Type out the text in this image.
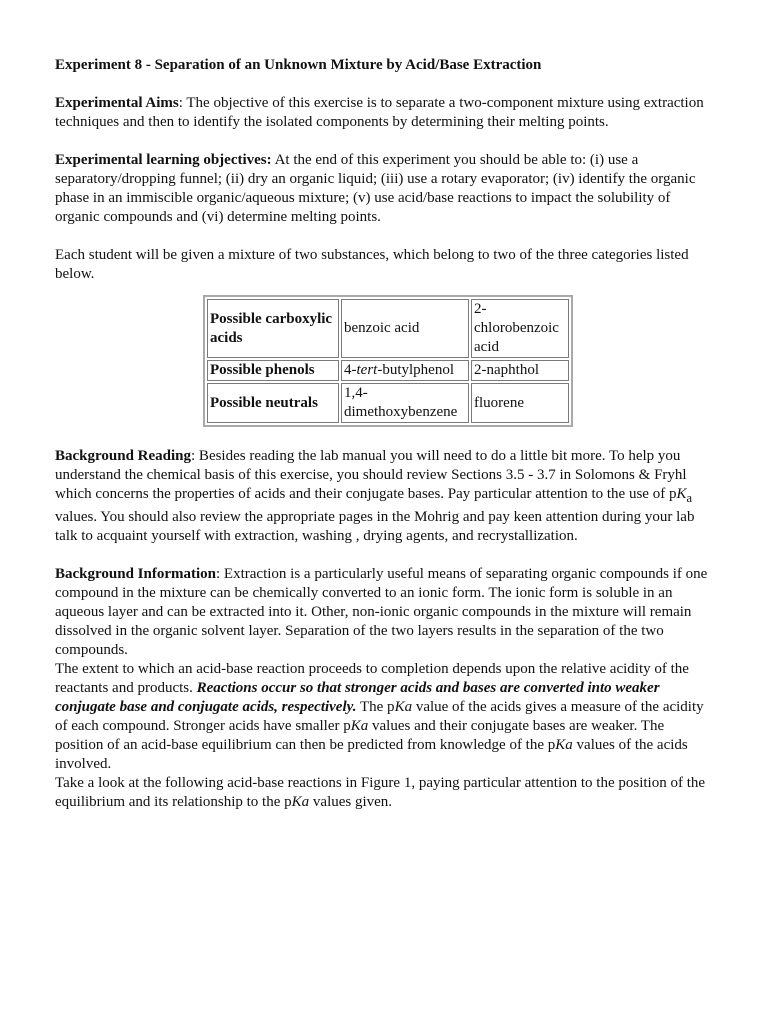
Experiment 8 - Separation of an Unknown Mixture by Acid/Base Extraction

Experimental Aims: The objective of this exercise is to separate a two-component mixture using extraction techniques and then to identify the isolated components by determining their melting points.

Experimental learning objectives: At the end of this experiment you should be able to: (i) use a separatory/dropping funnel; (ii) dry an organic liquid; (iii) use a rotary evaporator; (iv) identify the organic phase in an immiscible organic/aqueous mixture; (v) use acid/base reactions to impact the solubility of organic compounds and (vi) determine melting points.

Each student will be given a mixture of two substances, which belong to two of the three categories listed below.

Possible carboxylic acids	benzoic acid	2-chlorobenzoic acid
Possible phenols	4-tert-butylphenol	2-naphthol
Possible neutrals	1,4-dimethoxybenzene	fluorene

Background Reading: Besides reading the lab manual you will need to do a little bit more. To help you understand the chemical basis of this exercise, you should review Sections 3.5 - 3.7 in Solomons & Fryhl which concerns the properties of acids and their conjugate bases. Pay particular attention to the use of $pK_a$ values. You should also review the appropriate pages in the Mohrig and pay keen attention during your lab talk to acquaint yourself with extraction, washing , drying agents, and recrystallization.

Background Information: Extraction is a particularly useful means of separating organic compounds if one compound in the mixture can be chemically converted to an ionic form. The ionic form is soluble in an aqueous layer and can be extracted into it. Other, non-ionic organic compounds in the mixture will remain dissolved in the organic solvent layer. Separation of the two layers results in the separation of the two compounds.

The extent to which an acid-base reaction proceeds to completion depends upon the relative acidity of the reactants and products. Reactions occur so that stronger acids and bases are converted into weaker conjugate base and conjugate acids, respectively. The pKa value of the acids gives a measure of the acidity of each compound. Stronger acids have smaller pKa values and their conjugate bases are weaker. The position of an acid-base equilibrium can then be predicted from knowledge of the pKa values of the acids involved.

Take a look at the following acid-base reactions in Figure 1, paying particular attention to the position of the equilibrium and its relationship to the pKa values given.
